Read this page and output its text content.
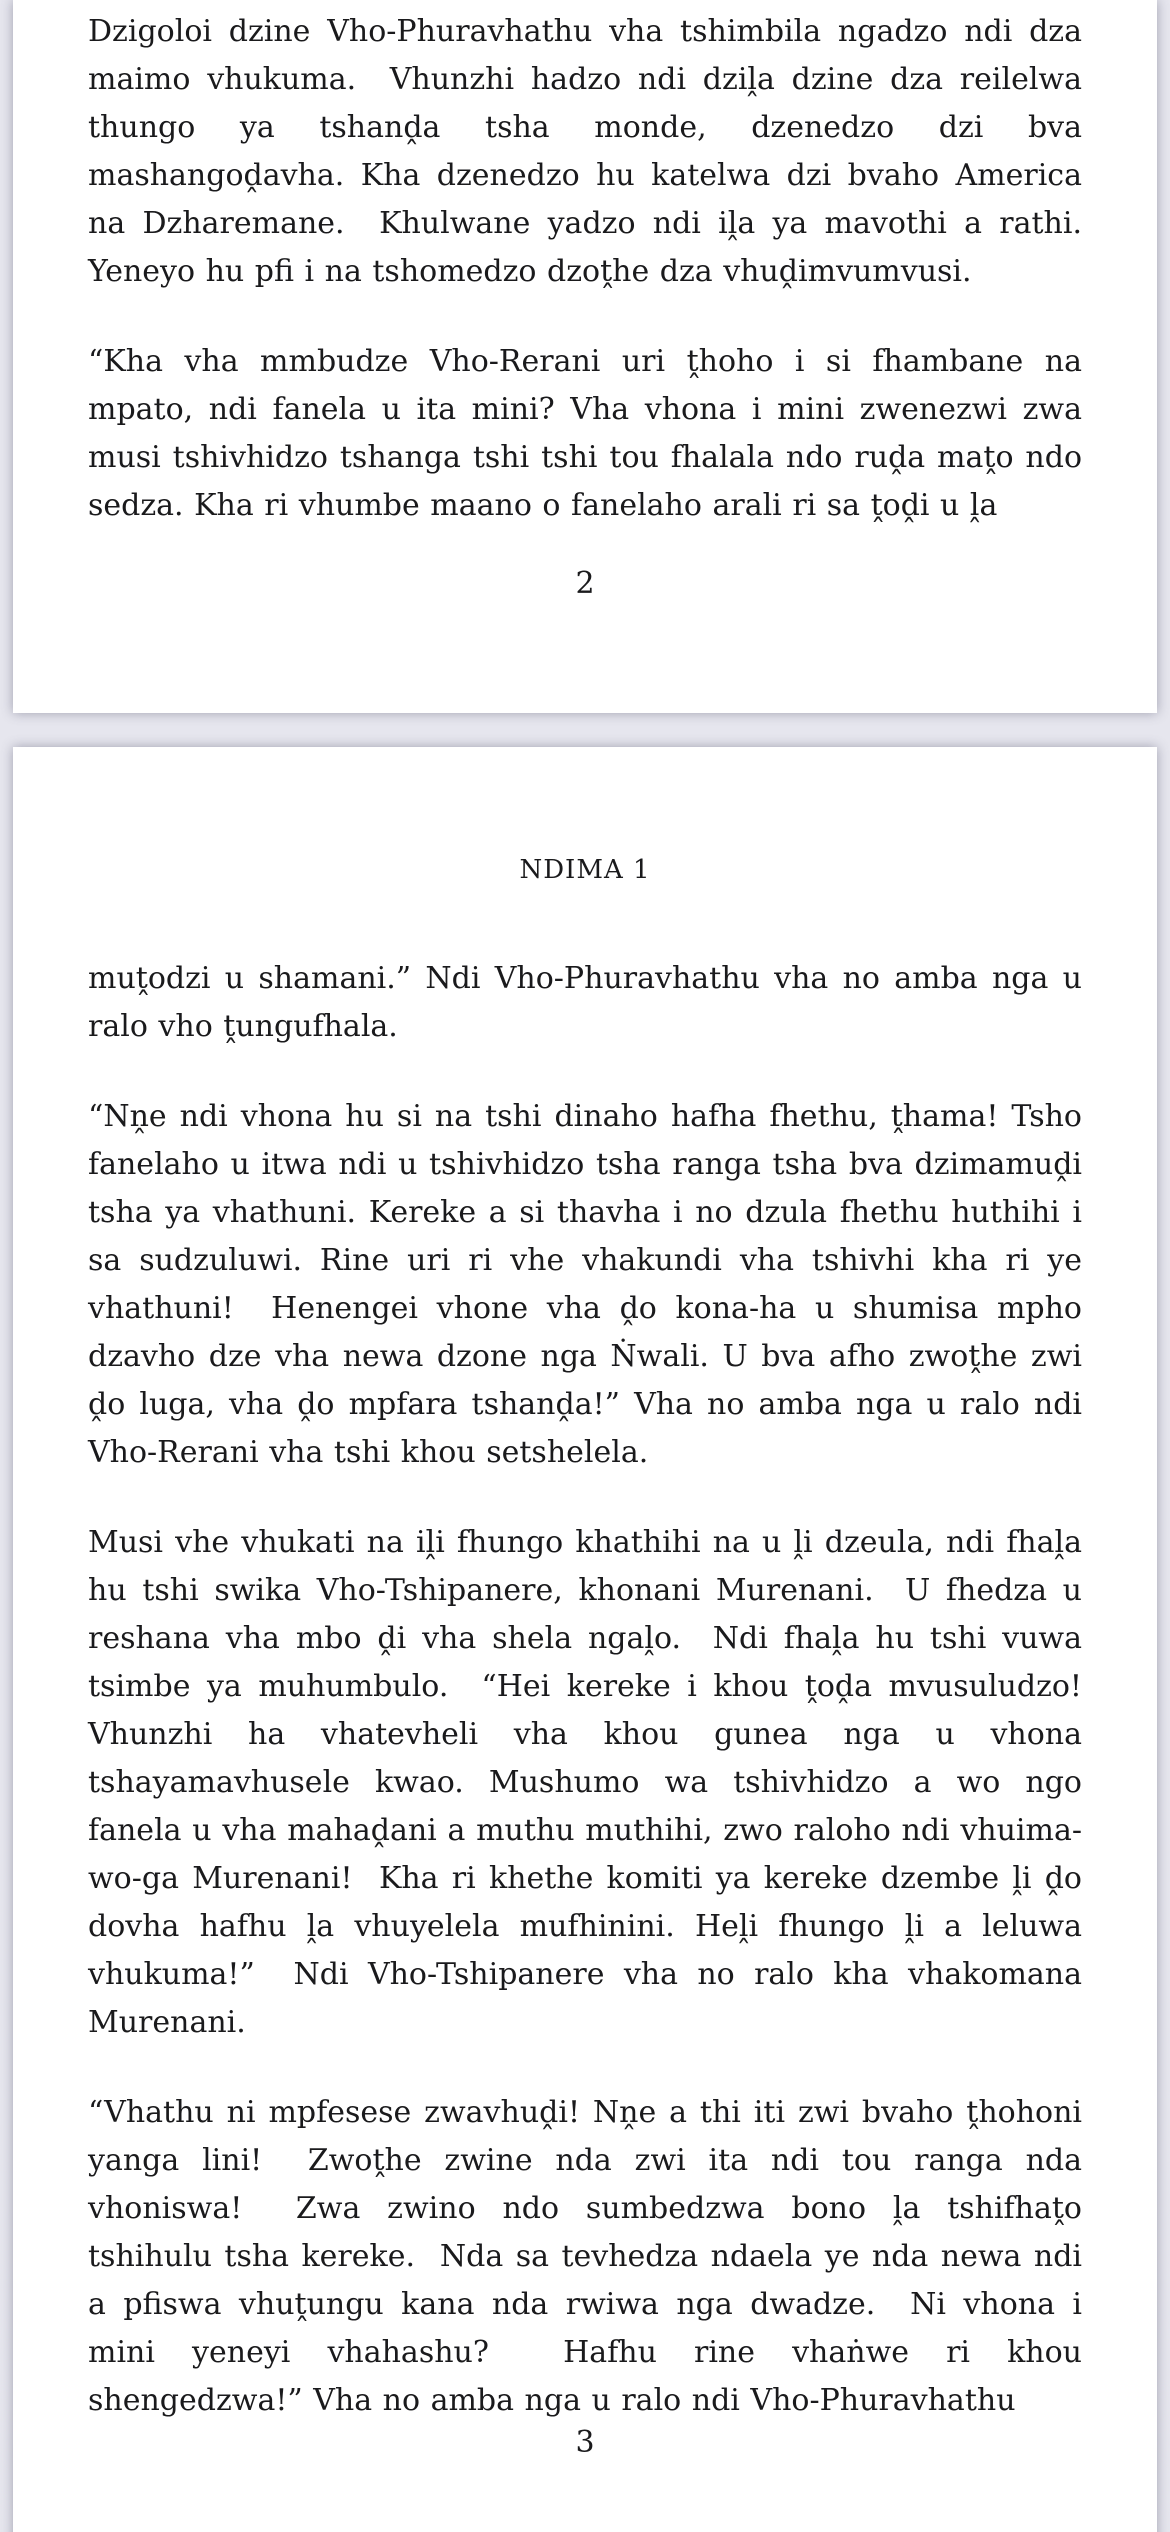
Dzigoloi dzine Vho-Phuravhathu vha tshimbila ngadzo ndi dza maimo vhukuma.  Vhunzhi hadzo ndi dziḽa dzine dza reilelwa thungo ya tshanḓa tsha monde, dzenedzo dzi bva mashangoḓavha. Kha dzenedzo hu katelwa dzi bvaho America na Dzharemane.  Khulwane yadzo ndi iḽa ya mavothi a rathi. Yeneyo hu pfi i na tshomedzo dzoṱhe dza vhuḓimvumvusi.

“Kha vha mmbudze Vho-Rerani uri ṱhoho i si fhambane na mpato, ndi fanela u ita mini? Vha vhona i mini zwenezwi zwa musi tshivhidzo tshanga tshi tshi tou fhalala ndo ruḓa maṱo ndo sedza. Kha ri vhumbe maano o fanelaho arali ri sa ṱoḓi u ḽa

2
NDIMA 1

muṱodzi u shamani.” Ndi Vho-Phuravhathu vha no amba nga u ralo vho ṱungufhala.

“Nṋe ndi vhona hu si na tshi dinaho hafha fhethu, ṱhama! Tsho fanelaho u itwa ndi u tshivhidzo tsha ranga tsha bva dzimamuḓi tsha ya vhathuni. Kereke a si thavha i no dzula fhethu huthihi i sa sudzuluwi. Rine uri ri vhe vhakundi vha tshivhi kha ri ye vhathuni!  Henengei vhone vha ḓo kona-ha u shumisa mpho dzavho dze vha newa dzone nga Ṅwali. U bva afho zwoṱhe zwi ḓo luga, vha ḓo mpfara tshanḓa!” Vha no amba nga u ralo ndi Vho-Rerani vha tshi khou setshelela.

Musi vhe vhukati na iḽi fhungo khathihi na u ḽi dzeula, ndi fhaḽa hu tshi swika Vho-Tshipanere, khonani Murenani.  U fhedza u reshana vha mbo ḓi vha shela ngaḽo.  Ndi fhaḽa hu tshi vuwa tsimbe ya muhumbulo.  “Hei kereke i khou ṱoḓa mvusuludzo!  Vhunzhi ha vhatevheli vha khou gunea nga u vhona tshayamavhusele kwao. Mushumo wa tshivhidzo a wo ngo fanela u vha mahaḓani a muthu muthihi, zwo raloho ndi vhuima-wo-ga Murenani!  Kha ri khethe komiti ya kereke dzembe ḽi ḓo dovha hafhu ḽa vhuyelela mufhinini. Heḽi fhungo ḽi a leluwa vhukuma!”  Ndi Vho-Tshipanere vha no ralo kha vhakomana Murenani.

“Vhathu ni mpfesese zwavhuḓi! Nṋe a thi iti zwi bvaho ṱhohoni yanga lini!  Zwoṱhe zwine nda zwi ita ndi tou ranga nda vhoniswa!  Zwa zwino ndo sumbedzwa bono ḽa tshifhaṱo tshihulu tsha kereke.  Nda sa tevhedza ndaela ye nda newa ndi a pfiswa vhuṱungu kana nda rwiwa nga dwadze.  Ni vhona i mini yeneyi vhahashu?  Hafhu rine vhaṅwe ri khou shengedzwa!” Vha no amba nga u ralo ndi Vho-Phuravhathu

3
